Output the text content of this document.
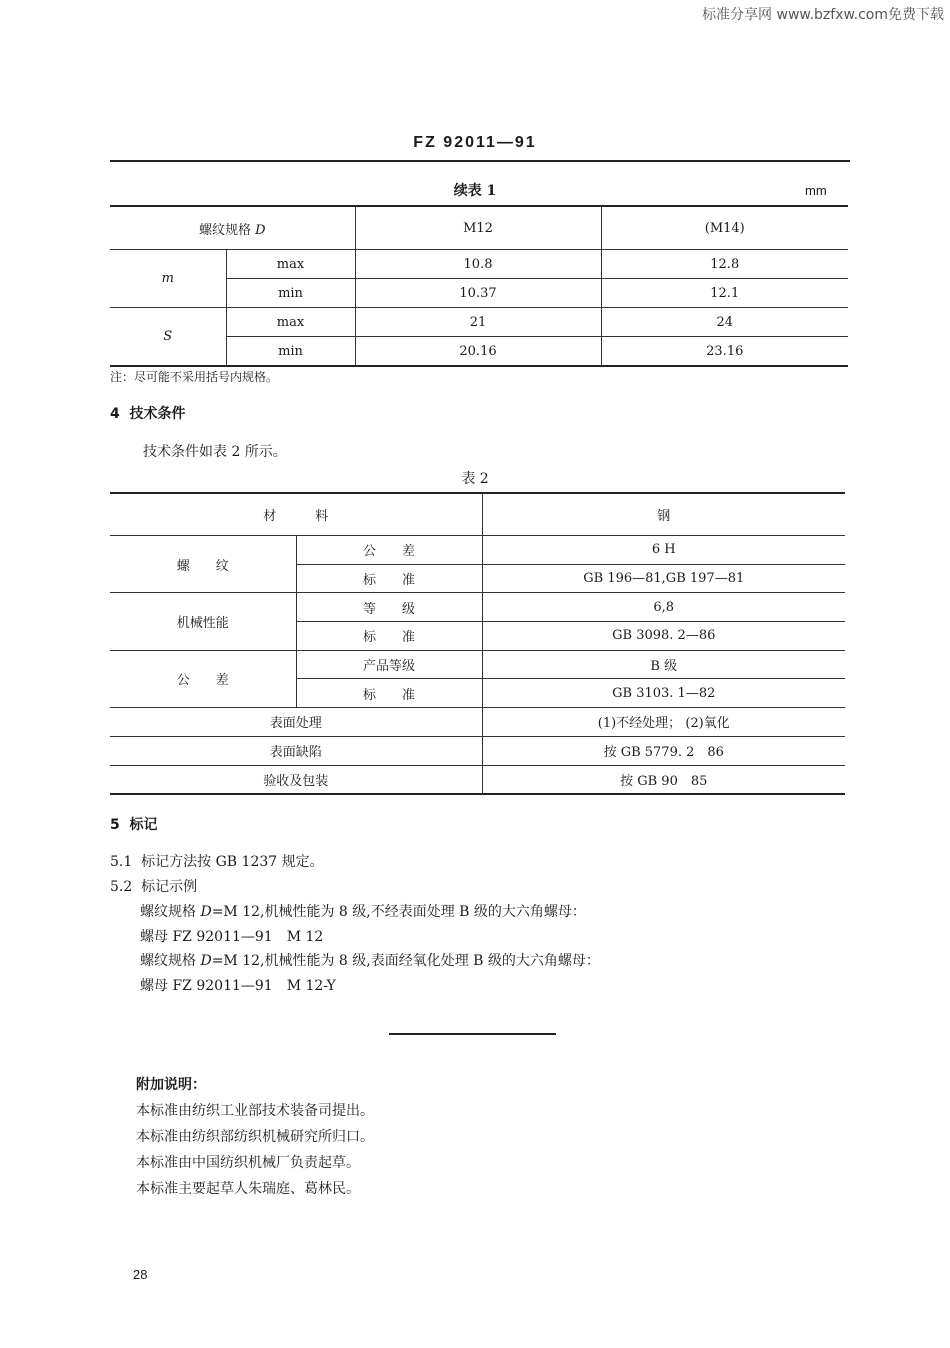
标准分享网 www.bzfxw.com免费下载
FZ 92011—91
续表 1	mm
螺纹规格 D		M12	(M14)
m	max	10.8	12.8
	min	10.37	12.1
S	max	21	24
	min	20.16	23.16
注：尽可能不采用括号内规格。
4  技术条件
技术条件如表 2 所示。
表 2
材　　　料		钢
螺　　纹	公　　差	6 H
	标　　准	GB 196—81,GB 197—81
机械性能	等　　级	6,8
	标　　准	GB 3098. 2—86
公　　差	产品等级	B 级
	标　　准	GB 3103. 1—82
表面处理		(1)不经处理； (2)氧化
表面缺陷		按 GB 5779. 2　86
验收及包装		按 GB 90　85
5  标记
5.1  标记方法按 GB 1237 规定。
5.2  标记示例
螺纹规格 D=M 12,机械性能为 8 级,不经表面处理 B 级的大六角螺母：
螺母 FZ 92011—91　M 12
螺纹规格 D=M 12,机械性能为 8 级,表面经氧化处理 B 级的大六角螺母：
螺母 FZ 92011—91　M 12-Y

附加说明：

本标准由纺织工业部技术装备司提出。

本标准由纺织部纺织机械研究所归口。

本标准由中国纺织机械厂负责起草。

本标准主要起草人朱瑞庭、葛林民。

28
